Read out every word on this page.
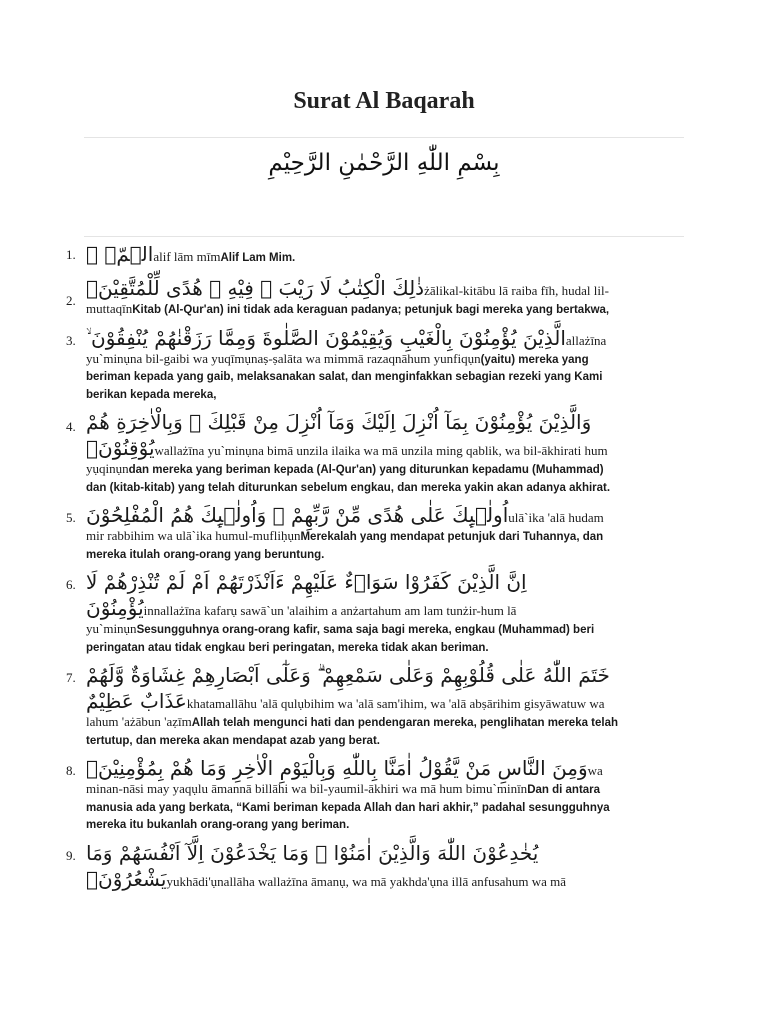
Surat Al Baqarah
بِسْمِ اللّٰهِ الرَّحْمٰنِ الرَّحِيْمِ
1. الۤمّۤ ۚalif lām mīmAlif Lam Mim.
2.
ذٰلِكَ الْكِتٰبُ لَا رَيْبَ ۛ فِيْهِ ۛ هُدًى لِّلْمُتَّقِيْنَۙżālikal-kitābu lā raiba fīh, hudal lil-muttaqīnKitab (Al-Qur'an) ini tidak ada keraguan padanya; petunjuk bagi mereka yang bertakwa,
3. الَّذِيْنَ يُؤْمِنُوْنَ بِالْغَيْبِ وَيُقِيْمُوْنَ الصَّلٰوةَ وَمِمَّا رَزَقْنٰهُمْ يُنْفِقُوْنَ ۙallażīna yu`minụna bil-gaibi wa yuqīmụnaṣ-ṣalāta wa mimmā razaqnāhum yunfiqụn(yaitu) mereka yang beriman kepada yang gaib, melaksanakan salat, dan menginfakkan sebagian rezeki yang Kami berikan kepada mereka,
4. وَالَّذِيْنَ يُؤْمِنُوْنَ بِمَآ اُنْزِلَ اِلَيْكَ وَمَآ اُنْزِلَ مِنْ قَبْلِكَ ۚ وَبِالْاٰخِرَةِ هُمْ يُوْقِنُوْنَۗwallażīna yu`minụna bimā unzila ilaika wa mā unzila ming qablik, wa bil-ākhirati hum yụqinụndan mereka yang beriman kepada (Al-Qur'an) yang diturunkan kepadamu (Muhammad) dan (kitab-kitab) yang telah diturunkan sebelum engkau, dan mereka yakin akan adanya akhirat.
5. اُولٰۤىِٕكَ عَلٰى هُدًى مِّنْ رَّبِّهِمْ ۙ وَاُولٰۤىِٕكَ هُمُ الْمُفْلِحُوْنَulā`ika 'alā hudam mir rabbihim wa ulā`ika humul-mufliḥụnMerekalah yang mendapat petunjuk dari Tuhannya, dan mereka itulah orang-orang yang beruntung.
6. اِنَّ الَّذِيْنَ كَفَرُوْا سَوَاۤءٌ عَلَيْهِمْ ءَاَنْذَرْتَهُمْ اَمْ لَمْ تُنْذِرْهُمْ لَا يُؤْمِنُوْنَinnallażīna kafarụ sawā`un 'alaihim a anżartahum am lam tunżir-hum lā yu`minụnSesungguhnya orang-orang kafir, sama saja bagi mereka, engkau (Muhammad) beri peringatan atau tidak engkau beri peringatan, mereka tidak akan beriman.
7. خَتَمَ اللّٰهُ عَلٰى قُلُوْبِهِمْ وَعَلٰى سَمْعِهِمْ ۗ وَعَلٰٓى اَبْصَارِهِمْ غِشَاوَةٌ وَّلَهُمْ عَذَابٌ عَظِيْمٌkhatamallāhu 'alā qulụbihim wa 'alā sam'ihim, wa 'alā abṣārihim gisyāwatuw wa lahum 'ażābun 'aẓīmAllah telah mengunci hati dan pendengaran mereka, penglihatan mereka telah tertutup, dan mereka akan mendapat azab yang berat.
8. وَمِنَ النَّاسِ مَنْ يَّقُوْلُ اٰمَنَّا بِاللّٰهِ وَبِالْيَوْمِ الْاٰخِرِ وَمَا هُمْ بِمُؤْمِنِيْنَۘwa minan-nāsi may yaqụlu āmannā billāhi wa bil-yaumil-ākhiri wa mā hum bimu`minīnDan di antara manusia ada yang berkata, “Kami beriman kepada Allah dan hari akhir,” padahal sesungguhnya mereka itu bukanlah orang-orang yang beriman.
9. يُخٰدِعُوْنَ اللّٰهَ وَالَّذِيْنَ اٰمَنُوْا ۚ وَمَا يَخْدَعُوْنَ اِلَّآ اَنْفُسَهُمْ وَمَا يَشْعُرُوْنَۗyukhādi'ụnallāha wallażīna āmanụ, wa mā yakhda'ụna illā anfusahum wa mā
